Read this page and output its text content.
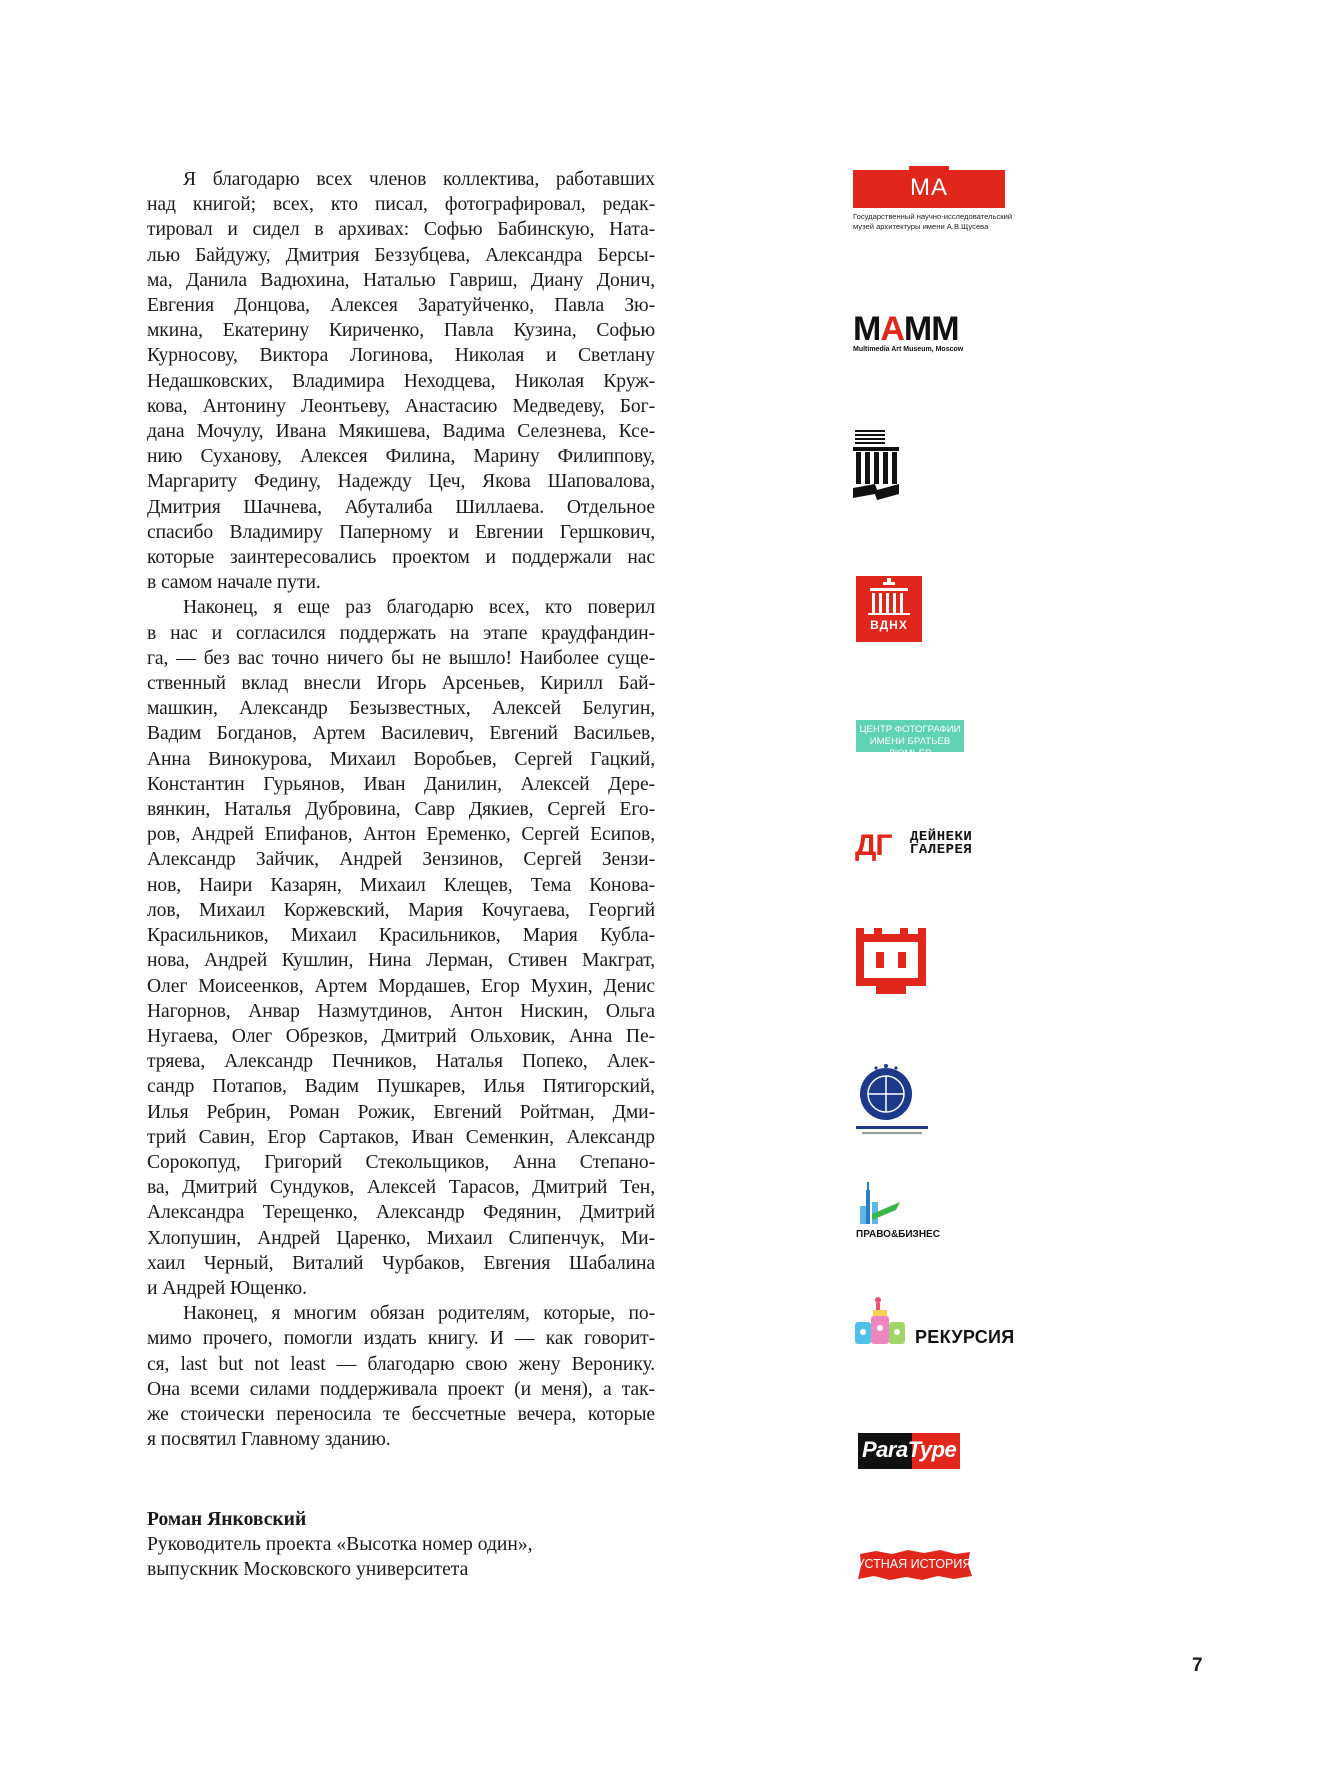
Я благодарю всех членов коллектива, работавших
над книгой; всех, кто писал, фотографировал, редак-
тировал и сидел в архивах: Софью Бабинскую, Ната-
лью Байдужу, Дмитрия Беззубцева, Александра Берсы-
ма, Данила Вадюхина, Наталью Гавриш, Диану Донич,
Евгения Донцова, Алексея Заратуйченко, Павла Зю-
мкина, Екатерину Кириченко, Павла Кузина, Софью
Курносову, Виктора Логинова, Николая и Светлану
Недашковских, Владимира Неходцева, Николая Круж-
кова, Антонину Леонтьеву, Анастасию Медведеву, Бог-
дана Мочулу, Ивана Мякишева, Вадима Селезнева, Ксе-
нию Суханову, Алексея Филина, Марину Филиппову,
Маргариту Федину, Надежду Цеч, Якова Шаповалова,
Дмитрия Шачнева, Абуталиба Шиллаева. Отдельное
спасибо Владимиру Паперному и Евгении Гершкович,
которые заинтересовались проектом и поддержали нас
в самом начале пути.
Наконец, я еще раз благодарю всех, кто поверил
в нас и согласился поддержать на этапе краудфандин-
га, — без вас точно ничего бы не вышло! Наиболее суще-
ственный вклад внесли Игорь Арсеньев, Кирилл Бай-
машкин, Александр Безызвестных, Алексей Белугин,
Вадим Богданов, Артем Василевич, Евгений Васильев,
Анна Винокурова, Михаил Воробьев, Сергей Гацкий,
Константин Гурьянов, Иван Данилин, Алексей Дере-
вянкин, Наталья Дубровина, Савр Дякиев, Сергей Его-
ров, Андрей Епифанов, Антон Еременко, Сергей Есипов,
Александр Зайчик, Андрей Зензинов, Сергей Зензи-
нов, Наири Казарян, Михаил Клещев, Тема Конова-
лов, Михаил Коржевский, Мария Кочугаева, Георгий
Красильников, Михаил Красильников, Мария Кубла-
нова, Андрей Кушлин, Нина Лерман, Стивен Макграт,
Олег Моисеенков, Артем Мордашев, Егор Мухин, Денис
Нагорнов, Анвар Назмутдинов, Антон Нискин, Ольга
Нугаева, Олег Обрезков, Дмитрий Ольховик, Анна Пе-
тряева, Александр Печников, Наталья Попеко, Алек-
сандр Потапов, Вадим Пушкарев, Илья Пятигорский,
Илья Ребрин, Роман Рожик, Евгений Ройтман, Дми-
трий Савин, Егор Сартаков, Иван Семенкин, Александр
Сорокопуд, Григорий Стекольщиков, Анна Степано-
ва, Дмитрий Сундуков, Алексей Тарасов, Дмитрий Тен,
Александра Терещенко, Александр Федянин, Дмитрий
Хлопушин, Андрей Царенко, Михаил Слипенчук, Ми-
хаил Черный, Виталий Чурбаков, Евгения Шабалина
и Андрей Ющенко.
Наконец, я многим обязан родителям, которые, по-
мимо прочего, помогли издать книгу. И — как говорит-
ся, last but not least — благодарю свою жену Веронику.
Она всеми силами поддерживала проект (и меня), а так-
же стоически переносила те бессчетные вечера, которые
я посвятил Главному зданию.
Роман Янковский
Руководитель проекта «Высотка номер один»,
выпускник Московского университета
7
МА
Государственный научно-исследовательский
музей архитектуры имени А.В.Щусева
MAMM
Multimedia Art Museum, Moscow
ВДНХ
ЦЕНТР ФОТОГРАФИИ
ИМЕНИ БРАТЬЕВ ЛЮМЬЕР
ДГ ДЕЙНЕКИ
ГАЛЕРЕЯ
ПРАВО&БИЗНЕС
РЕКУРСИЯ
ParaType
УСТНАЯ ИСТОРИЯ
